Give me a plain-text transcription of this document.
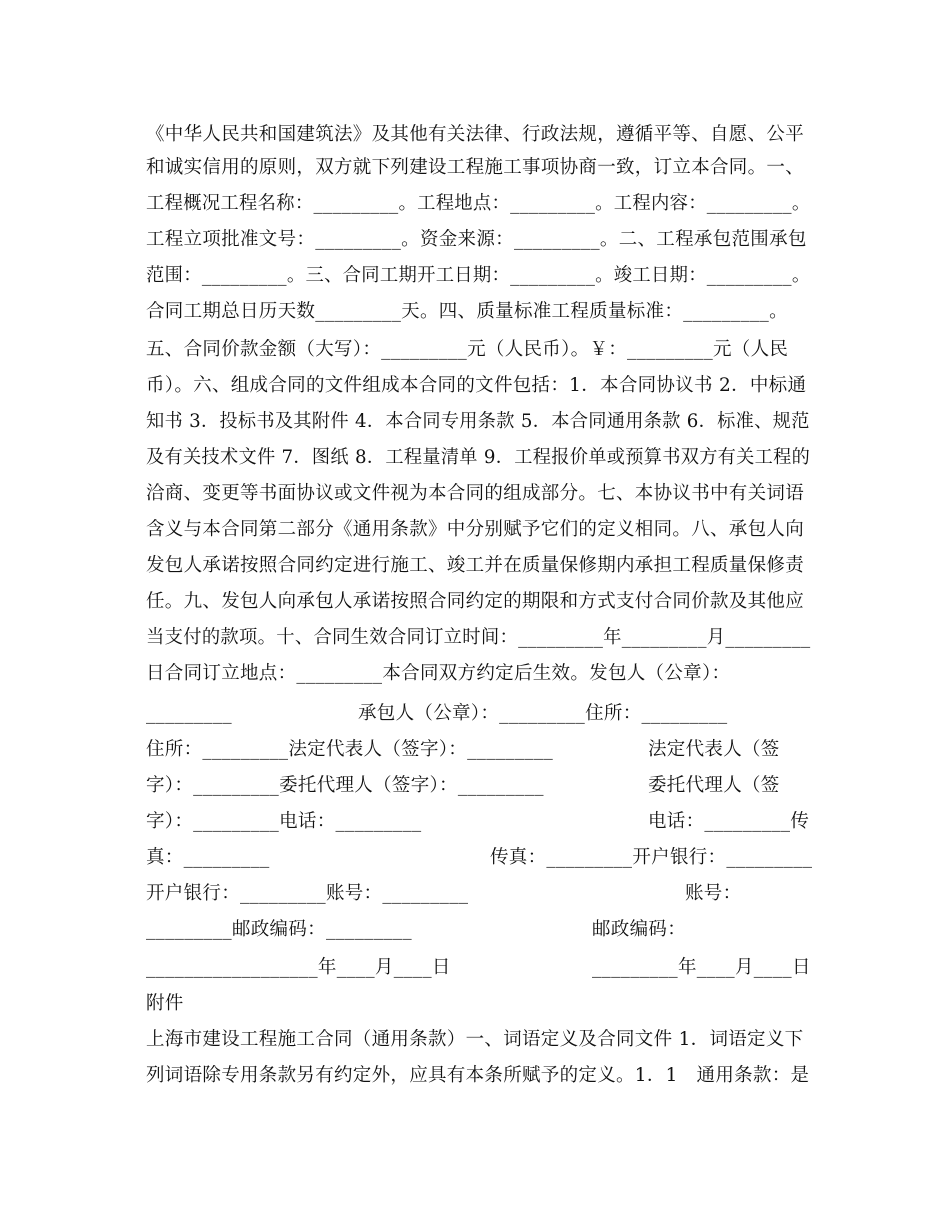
《中华人民共和国建筑法》及其他有关法律、行政法规，遵循平等、自愿、公平
和诚实信用的原则，双方就下列建设工程施工事项协商一致，订立本合同。一、
工程概况工程名称：_________。工程地点：_________。工程内容：_________。
工程立项批准文号：_________。资金来源：_________。二、工程承包范围承包
范围：_________。三、合同工期开工日期：_________。竣工日期：_________。
合同工期总日历天数_________天。四、质量标准工程质量标准：_________。
五、合同价款金额（大写）：_________元（人民币）。￥：_________元（人民
币）。六、组成合同的文件组成本合同的文件包括：1．本合同协议书 2．中标通
知书 3．投标书及其附件 4．本合同专用条款 5．本合同通用条款 6．标准、规范
及有关技术文件 7．图纸 8．工程量清单 9．工程报价单或预算书双方有关工程的
洽商、变更等书面协议或文件视为本合同的组成部分。七、本协议书中有关词语
含义与本合同第二部分《通用条款》中分别赋予它们的定义相同。八、承包人向
发包人承诺按照合同约定进行施工、竣工并在质量保修期内承担工程质量保修责
任。九、发包人向承包人承诺按照合同约定的期限和方式支付合同价款及其他应
当支付的款项。十、合同生效合同订立时间：_________年_________月_________
日合同订立地点：_________本合同双方约定后生效。发包人（公章）：
_________	承包人（公章）：_________住所：_________
住所：_________法定代表人（签字）：_________	法定代表人（签
字）：_________委托代理人（签字）：_________	委托代理人（签
字）：_________电话：_________	电话：_________传
真：_________	传真：_________开户银行：_________
开户银行：_________账号：_________	账号：
_________邮政编码：_________	邮政编码：
__________________年____月____日	_________年____月____日
附件
上海市建设工程施工合同（通用条款）一、词语定义及合同文件 1．词语定义下
列词语除专用条款另有约定外，应具有本条所赋予的定义。1．1　通用条款：是
